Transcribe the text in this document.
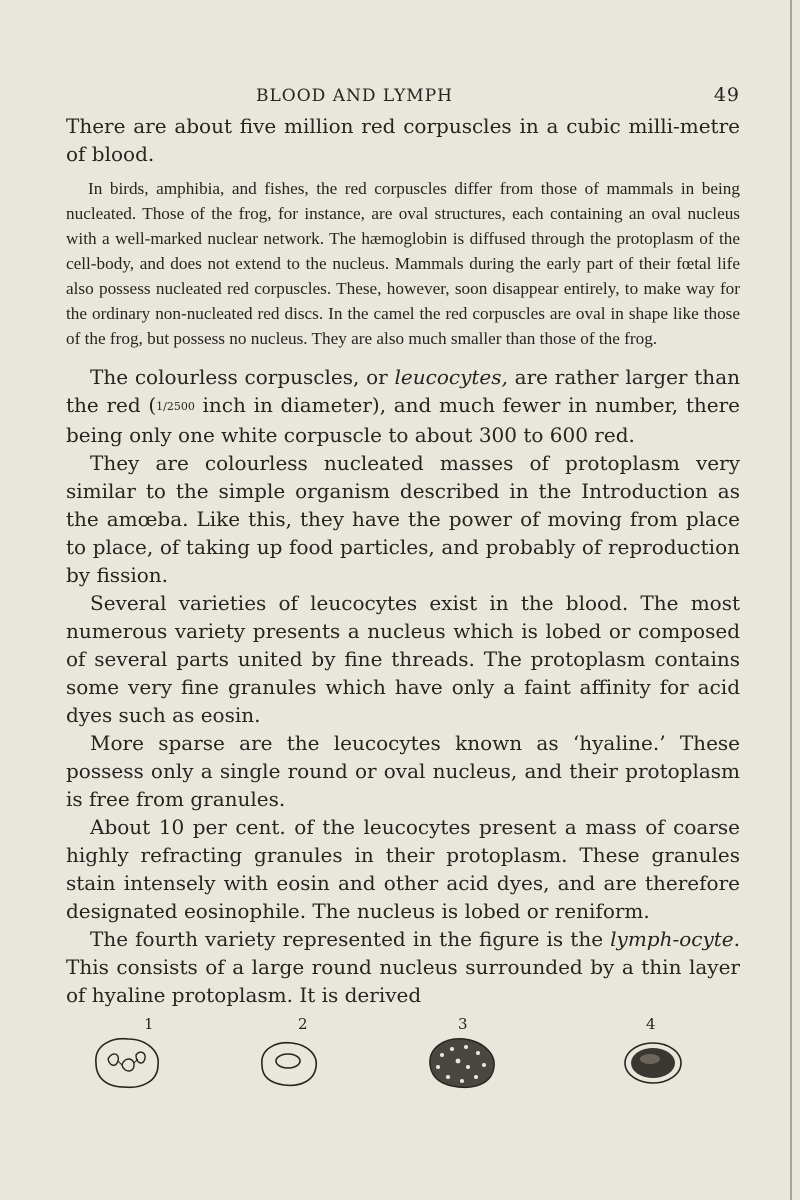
BLOOD AND LYMPH	49

There are about five million red corpuscles in a cubic milli-metre of blood.

In birds, amphibia, and fishes, the red corpuscles differ from those of mammals in being nucleated. Those of the frog, for instance, are oval structures, each containing an oval nucleus with a well-marked nuclear network. The hæmoglobin is diffused through the protoplasm of the cell-body, and does not extend to the nucleus. Mammals during the early part of their fœtal life also possess nucleated red corpuscles. These, however, soon disappear entirely, to make way for the ordinary non-nucleated red discs. In the camel the red corpuscles are oval in shape like those of the frog, but possess no nucleus. They are also much smaller than those of the frog.

The colourless corpuscles, or leucocytes, are rather larger than the red (1/2500 inch in diameter), and much fewer in number, there being only one white corpuscle to about 300 to 600 red.

They are colourless nucleated masses of protoplasm very similar to the simple organism described in the Introduction as the amœba. Like this, they have the power of moving from place to place, of taking up food particles, and probably of reproduction by fission.

Several varieties of leucocytes exist in the blood. The most numerous variety presents a nucleus which is lobed or composed of several parts united by fine threads. The protoplasm contains some very fine granules which have only a faint affinity for acid dyes such as eosin.

More sparse are the leucocytes known as ‘hyaline.’ These possess only a single round or oval nucleus, and their protoplasm is free from granules.

About 10 per cent. of the leucocytes present a mass of coarse highly refracting granules in their protoplasm. These granules stain intensely with eosin and other acid dyes, and are therefore designated eosinophile. The nucleus is lobed or reniform.

The fourth variety represented in the figure is the lymph-ocyte. This consists of a large round nucleus surrounded by a thin layer of hyaline protoplasm. It is derived

1	2	3	4
